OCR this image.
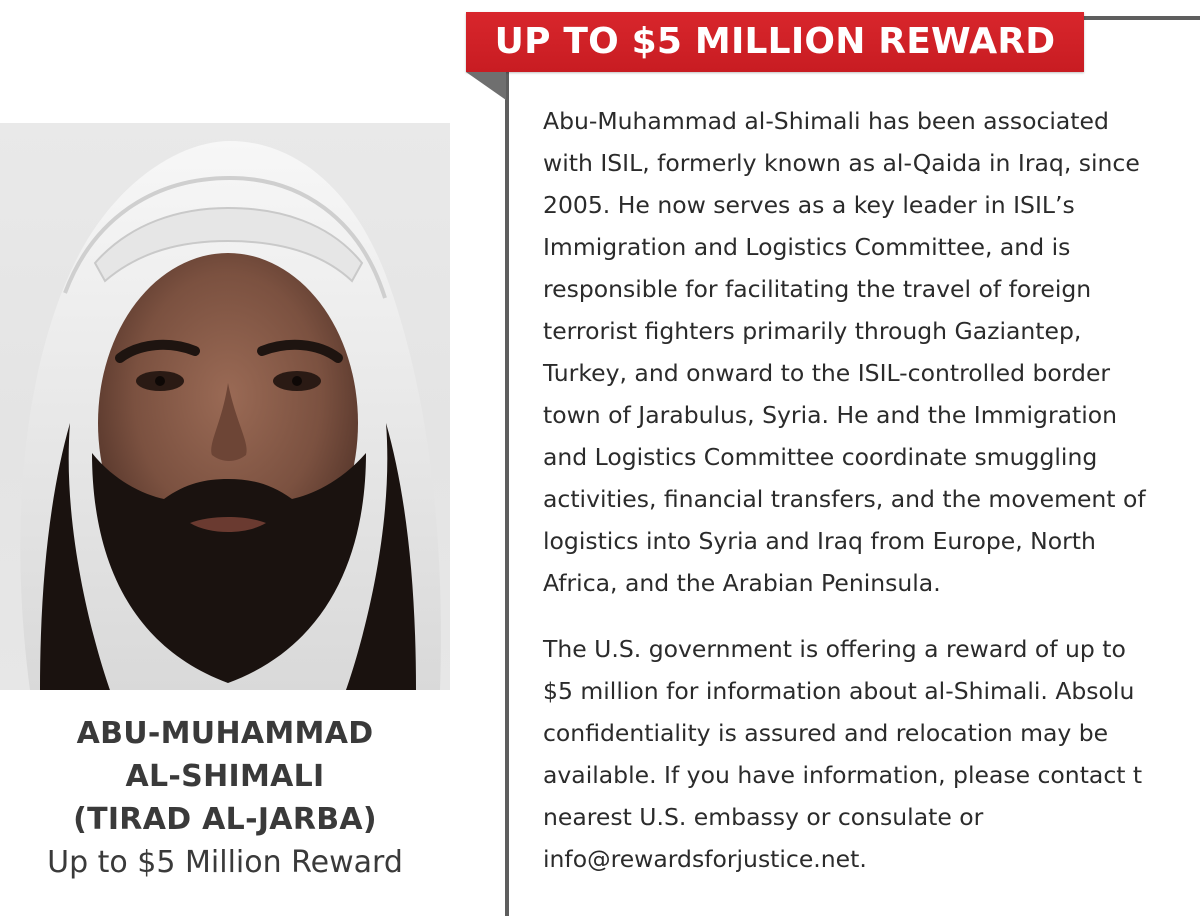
ABU-MUHAMMAD
AL-SHIMALI
(TIRAD AL-JARBA)
Up to $5 Million Reward
UP TO $5 MILLION REWARD

Abu-Muhammad al-Shimali has been associated
with ISIL, formerly known as al-Qaida in Iraq, since
2005. He now serves as a key leader in ISIL’s
Immigration and Logistics Committee, and is
responsible for facilitating the travel of foreign
terrorist fighters primarily through Gaziantep,
Turkey, and onward to the ISIL-controlled border
town of Jarabulus, Syria. He and the Immigration
and Logistics Committee coordinate smuggling
activities, financial transfers, and the movement of
logistics into Syria and Iraq from Europe, North
Africa, and the Arabian Peninsula.

The U.S. government is offering a reward of up to
$5 million for information about al-Shimali. Absolu
confidentiality is assured and relocation may be
available. If you have information, please contact t
nearest U.S. embassy or consulate or
info@rewardsforjustice.net.
